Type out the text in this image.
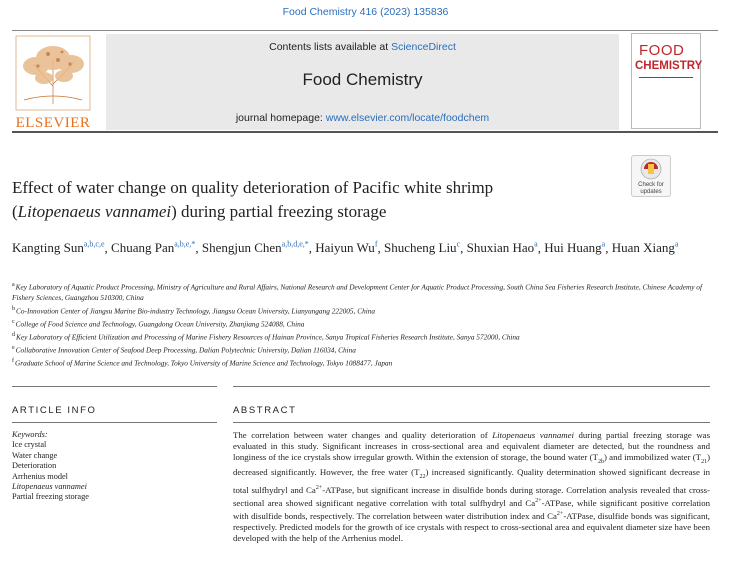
Food Chemistry 416 (2023) 135836
ELSEVIER
Contents lists available at ScienceDirect
Food Chemistry
journal homepage: www.elsevier.com/locate/foodchem
FOOD
CHEMISTRY
Effect of water change on quality deterioration of Pacific white shrimp
(Litopenaeus vannamei) during partial freezing storage
Check for
updates
Kangting Sun$^{a,b,c,e}$, Chuang Pan$^{a,b,e,*}$, Shengjun Chen$^{a,b,d,e,*}$, Haiyun Wu$^f$, Shucheng Liu$^c$, Shuxian Hao$^a$, Hui Huang$^a$, Huan Xiang$^a$
$^a$Key Laboratory of Aquatic Product Processing, Ministry of Agriculture and Rural Affairs, National Research and Development Center for Aquatic Product Processing, South China Sea Fisheries Research Institute, Chinese Academy of Fishery Sciences, Guangzhou 510300, China
$^b$Co-Innovation Center of Jiangsu Marine Bio-industry Technology, Jiangsu Ocean University, Lianyungang 222005, China
$^c$College of Food Science and Technology, Guangdong Ocean University, Zhanjiang 524088, China
$^d$Key Laboratory of Efficient Utilization and Processing of Marine Fishery Resources of Hainan Province, Sanya Tropical Fisheries Research Institute, Sanya 572000, China
$^e$Collaborative Innovation Center of Seafood Deep Processing, Dalian Polytechnic University, Dalian 116034, China
$^f$Graduate School of Marine Science and Technology, Tokyo University of Marine Science and Technology, Tokyo 1088477, Japan
ARTICLE INFO	ABSTRACT
Keywords:
Ice crystal
Water change
Deterioration
Arrhenius model
Litopenaeus vannamei
Partial freezing storage
The correlation between water changes and quality deterioration of Litopenaeus vannamei during partial freezing storage was evaluated in this study. Significant increases in cross-sectional area and equivalent diameter are detected, but the roundness and longiness of the ice crystals show irregular growth. Within the extension of storage, the bound water $(T_{2b})$ and immobilized water $(T_{21})$ decreased significantly. However, the free water $(T_{22})$ increased significantly. Quality determination showed significant decrease in total sulfhydryl and $Ca^{2+}$-ATPase, but significant increase in disulfide bonds during storage. Correlation analysis revealed that cross-sectional area showed significant negative correlation with total sulfhydryl and $Ca^{2+}$-ATPase, while significant positive correlation with disulfide bonds, respectively. The correlation between water distribution index and $Ca^{2+}$-ATPase, disulfide bonds was significant, respectively. Predicted models for the growth of ice crystals with respect to cross-sectional area and equivalent diameter size have been developed with the help of the Arrhenius model.
